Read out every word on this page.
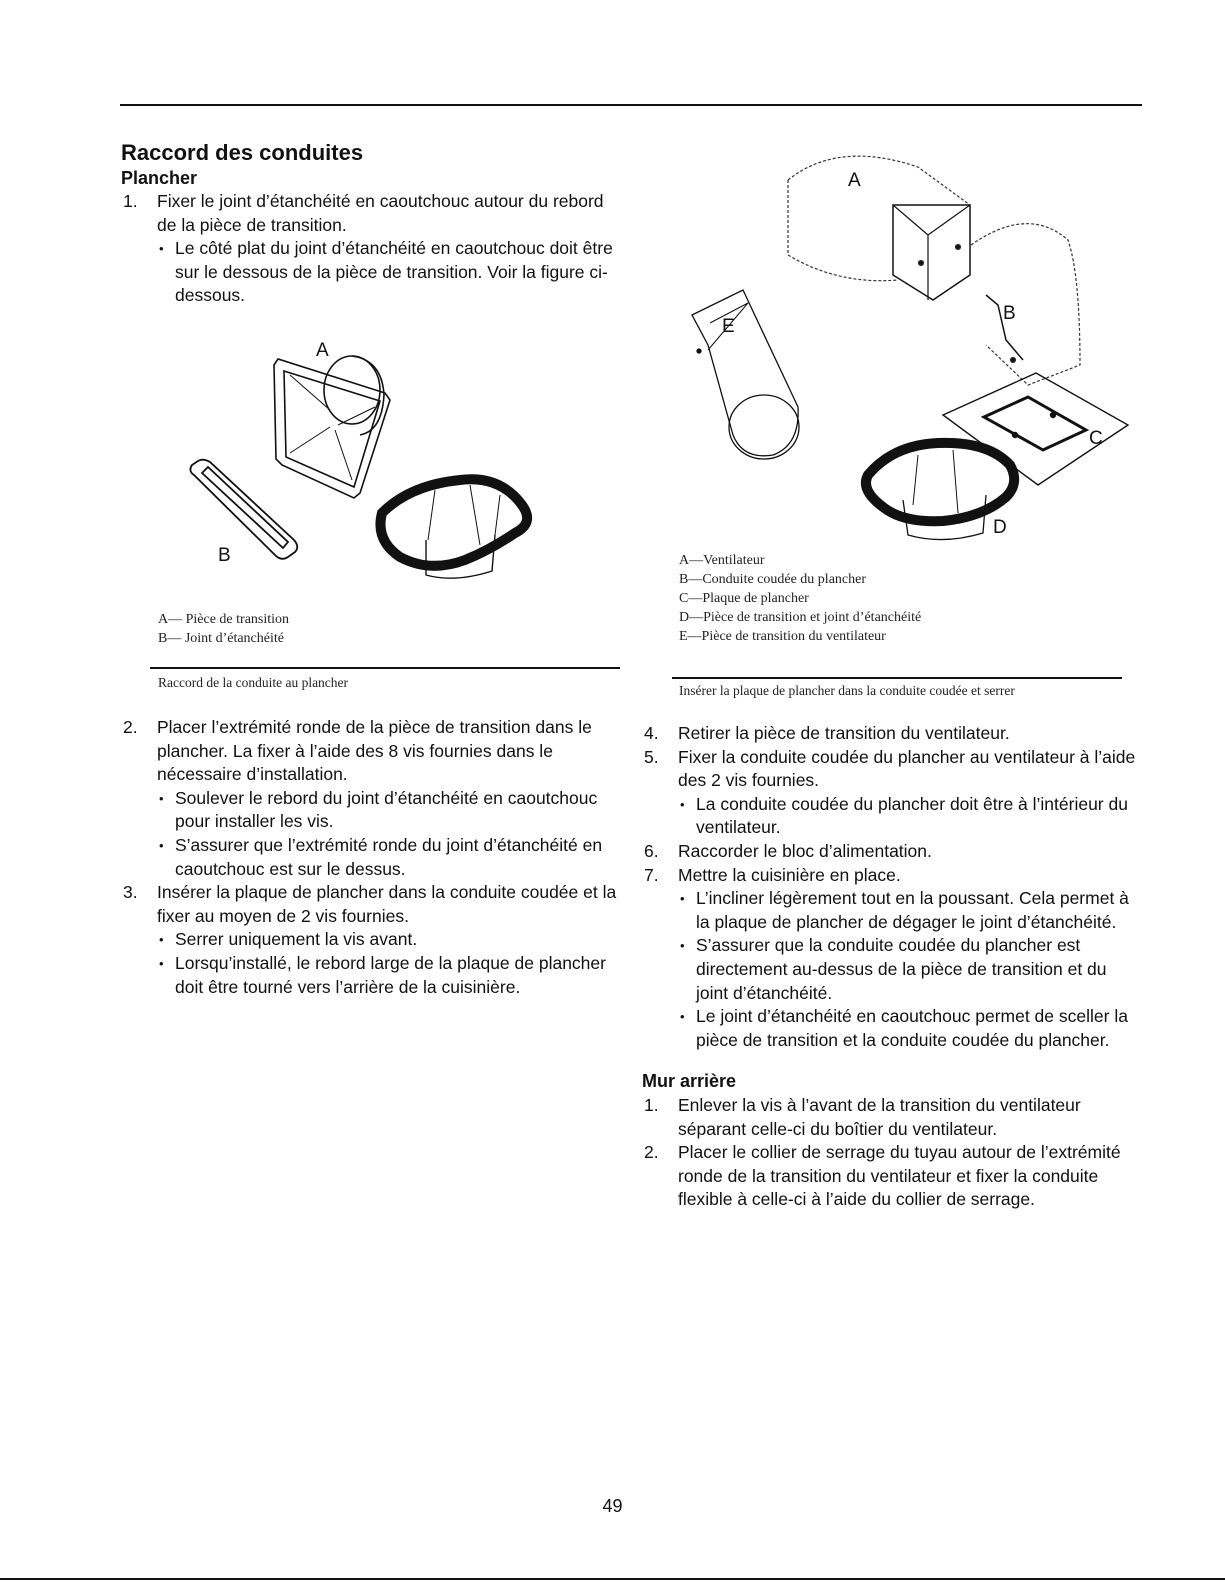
Raccord des conduites
Plancher
1. Fixer le joint d’étanchéité en caoutchouc autour du rebord de la pièce de transition.
• Le côté plat du joint d’étanchéité en caoutchouc doit être sur le dessous de la pièce de transition. Voir la figure ci-dessous.
A
B
A— Pièce de transition
B— Joint d’étanchéité
Raccord de la conduite au plancher
2. Placer l’extrémité ronde de la pièce de transition dans le plancher. La fixer à l’aide des 8 vis fournies dans le nécessaire d’installation.
• Soulever le rebord du joint d’étanchéité en caoutchouc pour installer les vis.
• S’assurer que l’extrémité ronde du joint d’étanchéité en caoutchouc est sur le dessus.
3. Insérer la plaque de plancher dans la conduite coudée et la fixer au moyen de 2 vis fournies.
• Serrer uniquement la vis avant.
• Lorsqu’installé, le rebord large de la plaque de plancher doit être tourné vers l’arrière de la cuisinière.
A
B
C
D
E
A—Ventilateur
B—Conduite coudée du plancher
C—Plaque de plancher
D—Pièce de transition et joint d’étanchéité
E—Pièce de transition du ventilateur
Insérer la plaque de plancher dans la conduite coudée et serrer
4. Retirer la pièce de transition du ventilateur.
5. Fixer la conduite coudée du plancher au ventilateur à l’aide des 2 vis fournies.
• La conduite coudée du plancher doit être à l’intérieur du ventilateur.
6. Raccorder le bloc d’alimentation.
7. Mettre la cuisinière en place.
• L’incliner légèrement tout en la poussant. Cela permet à la plaque de plancher de dégager le joint d’étanchéité.
• S’assurer que la conduite coudée du plancher est directement au-dessus de la pièce de transition et du joint d’étanchéité.
• Le joint d’étanchéité en caoutchouc permet de sceller la pièce de transition et la conduite coudée du plancher.
Mur arrière
1. Enlever la vis à l’avant de la transition du ventilateur séparant celle-ci du boîtier du ventilateur.
2. Placer le collier de serrage du tuyau autour de l’extrémité ronde de la transition du ventilateur et fixer la conduite flexible à celle-ci à l’aide du collier de serrage.
49
